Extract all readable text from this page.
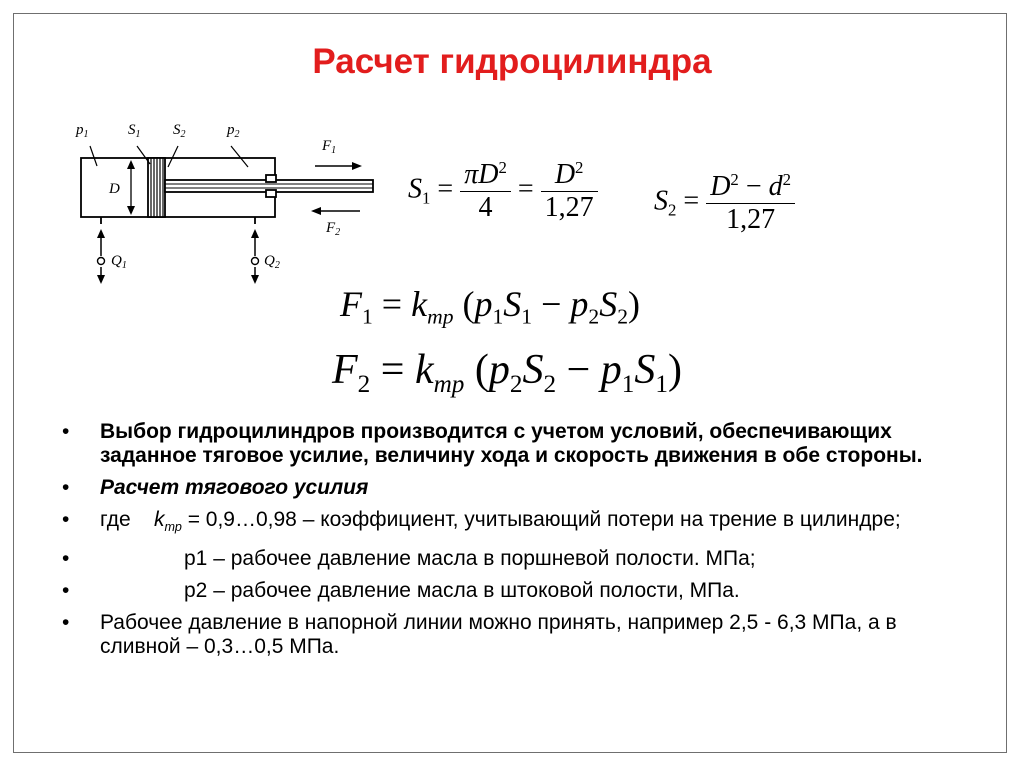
Расчет гидроцилиндра
$p_1$	$S_1$ $S_2$	$p_2$
$F_1$
$F_2$
D
$Q_1$	$Q_2$
$S_1 = \frac{\pi D^2}{4} = \frac{D^2}{1,27} S_2 = \frac{D^2 - d^2}{1,27}$
$F_1 = k_{тр}$ $(p_1S_1 - p_2S_2)$
$F_2 = k_{тр}$ $(p_2S_2 - p_1S_1)$
• Выбор гидроцилиндров производится с учетом условий, обеспечивающих заданное тяговое усилие, величину хода и скорость движения в обе стороны.
• Расчет тягового усилия
• где $k_{тр}$ = 0,9…0,98 – коэффициент, учитывающий потери на трение в цилиндре;
• p1 – рабочее давление масла в поршневой полости. МПа;
• p2 – рабочее давление масла в штоковой полости, МПа.
• Рабочее давление в напорной линии можно принять, например 2,5 - 6,3 МПа, а в сливной – 0,3…0,5 МПа.
